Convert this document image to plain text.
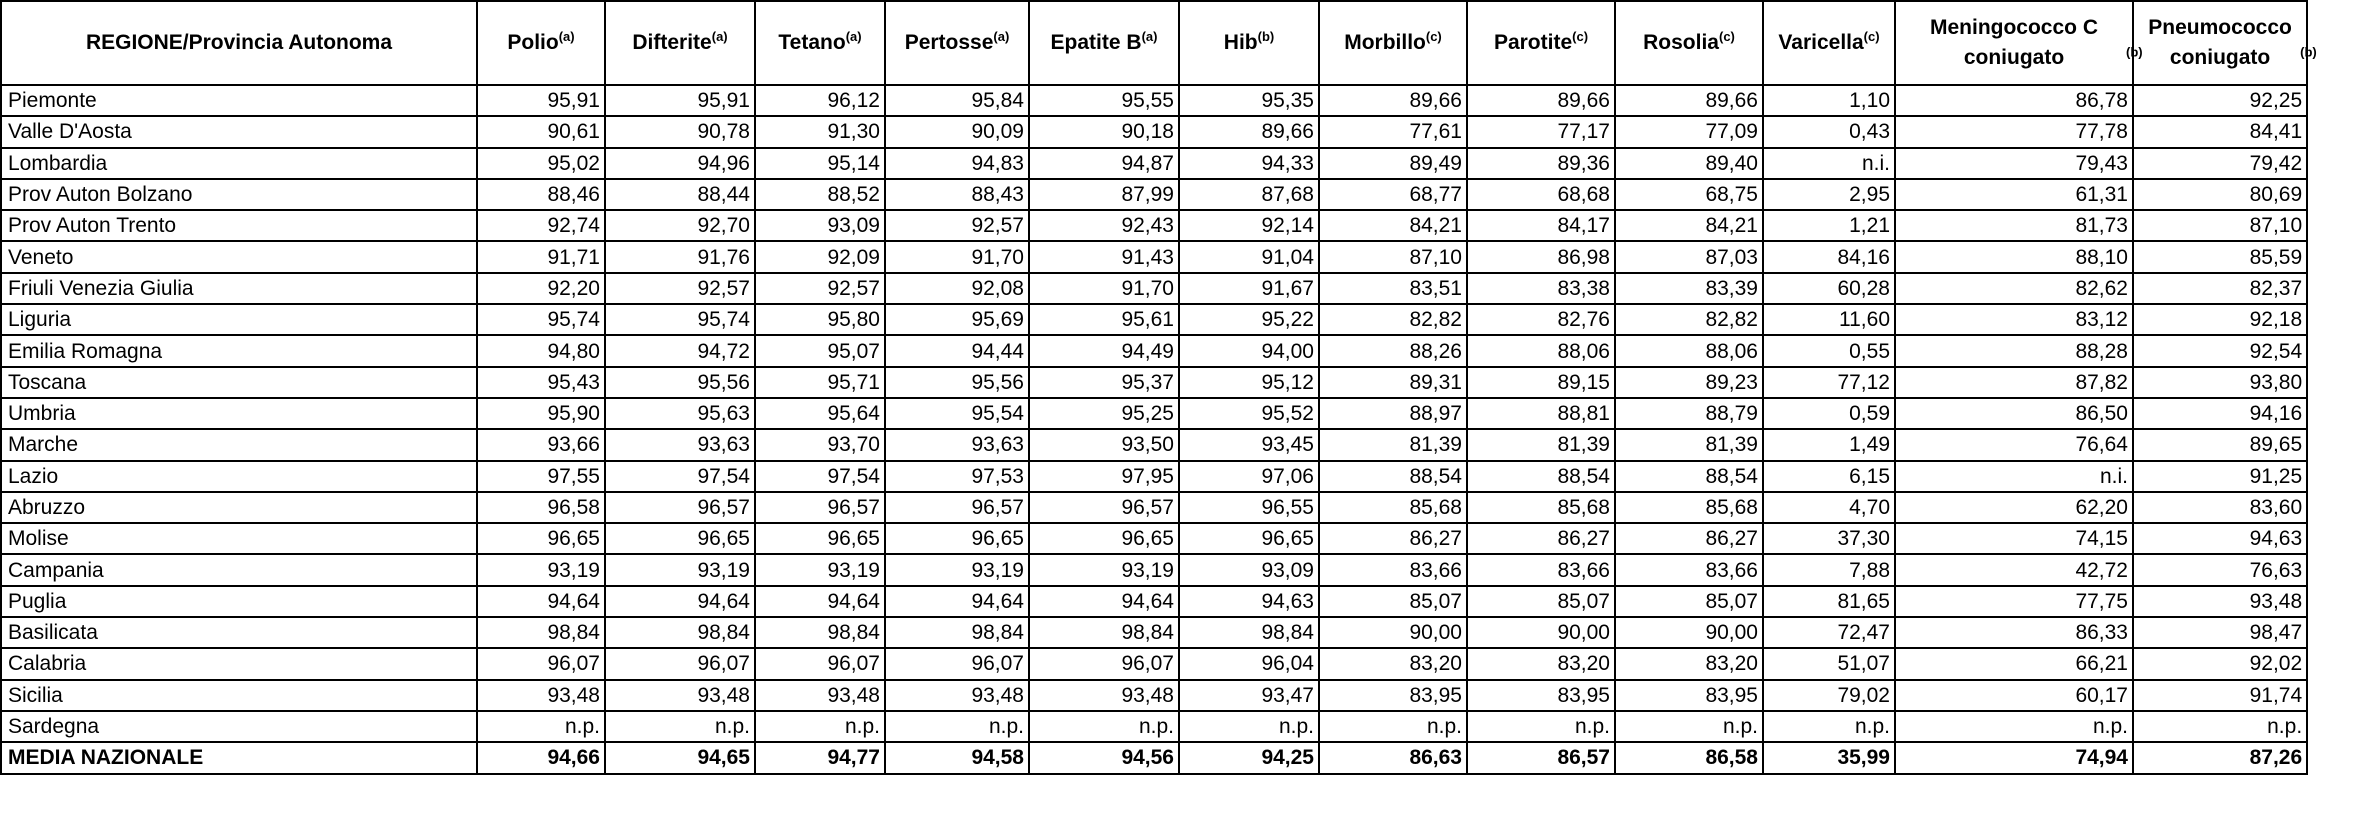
REGIONE/Provincia Autonoma	Polio$^{(a)}$	Difterite$^{(a)}$	Tetano$^{(a)}$	Pertosse$^{(a)}$	Epatite $B^{(a)}$	Hib$^{(b)}$	Morbillo$^{(c)}$	Parotite$^{(c)}$	Rosolia$^{(c)}$	Varicella$^{(c)}$	Meningococco C coniugato $^{(b)}$	Pneumococco coniugato $^{(b)}$
Piemonte	95,91	95,91	96,12	95,84	95,55	95,35	89,66	89,66	89,66	1,10	86,78	92,25
Valle D'Aosta	90,61	90,78	91,30	90,09	90,18	89,66	77,61	77,17	77,09	0,43	77,78	84,41
Lombardia	95,02	94,96	95,14	94,83	94,87	94,33	89,49	89,36	89,40	n.i.	79,43	79,42
Prov Auton Bolzano	88,46	88,44	88,52	88,43	87,99	87,68	68,77	68,68	68,75	2,95	61,31	80,69
Prov Auton Trento	92,74	92,70	93,09	92,57	92,43	92,14	84,21	84,17	84,21	1,21	81,73	87,10
Veneto	91,71	91,76	92,09	91,70	91,43	91,04	87,10	86,98	87,03	84,16	88,10	85,59
Friuli Venezia Giulia	92,20	92,57	92,57	92,08	91,70	91,67	83,51	83,38	83,39	60,28	82,62	82,37
Liguria	95,74	95,74	95,80	95,69	95,61	95,22	82,82	82,76	82,82	11,60	83,12	92,18
Emilia Romagna	94,80	94,72	95,07	94,44	94,49	94,00	88,26	88,06	88,06	0,55	88,28	92,54
Toscana	95,43	95,56	95,71	95,56	95,37	95,12	89,31	89,15	89,23	77,12	87,82	93,80
Umbria	95,90	95,63	95,64	95,54	95,25	95,52	88,97	88,81	88,79	0,59	86,50	94,16
Marche	93,66	93,63	93,70	93,63	93,50	93,45	81,39	81,39	81,39	1,49	76,64	89,65
Lazio	97,55	97,54	97,54	97,53	97,95	97,06	88,54	88,54	88,54	6,15	n.i.	91,25
Abruzzo	96,58	96,57	96,57	96,57	96,57	96,55	85,68	85,68	85,68	4,70	62,20	83,60
Molise	96,65	96,65	96,65	96,65	96,65	96,65	86,27	86,27	86,27	37,30	74,15	94,63
Campania	93,19	93,19	93,19	93,19	93,19	93,09	83,66	83,66	83,66	7,88	42,72	76,63
Puglia	94,64	94,64	94,64	94,64	94,64	94,63	85,07	85,07	85,07	81,65	77,75	93,48
Basilicata	98,84	98,84	98,84	98,84	98,84	98,84	90,00	90,00	90,00	72,47	86,33	98,47
Calabria	96,07	96,07	96,07	96,07	96,07	96,04	83,20	83,20	83,20	51,07	66,21	92,02
Sicilia	93,48	93,48	93,48	93,48	93,48	93,47	83,95	83,95	83,95	79,02	60,17	91,74
Sardegna	n.p.	n.p.	n.p.	n.p.	n.p.	n.p.	n.p.	n.p.	n.p.	n.p.	n.p.	n.p.
MEDIA NAZIONALE	94,66	94,65	94,77	94,58	94,56	94,25	86,63	86,57	86,58	35,99	74,94	87,26
